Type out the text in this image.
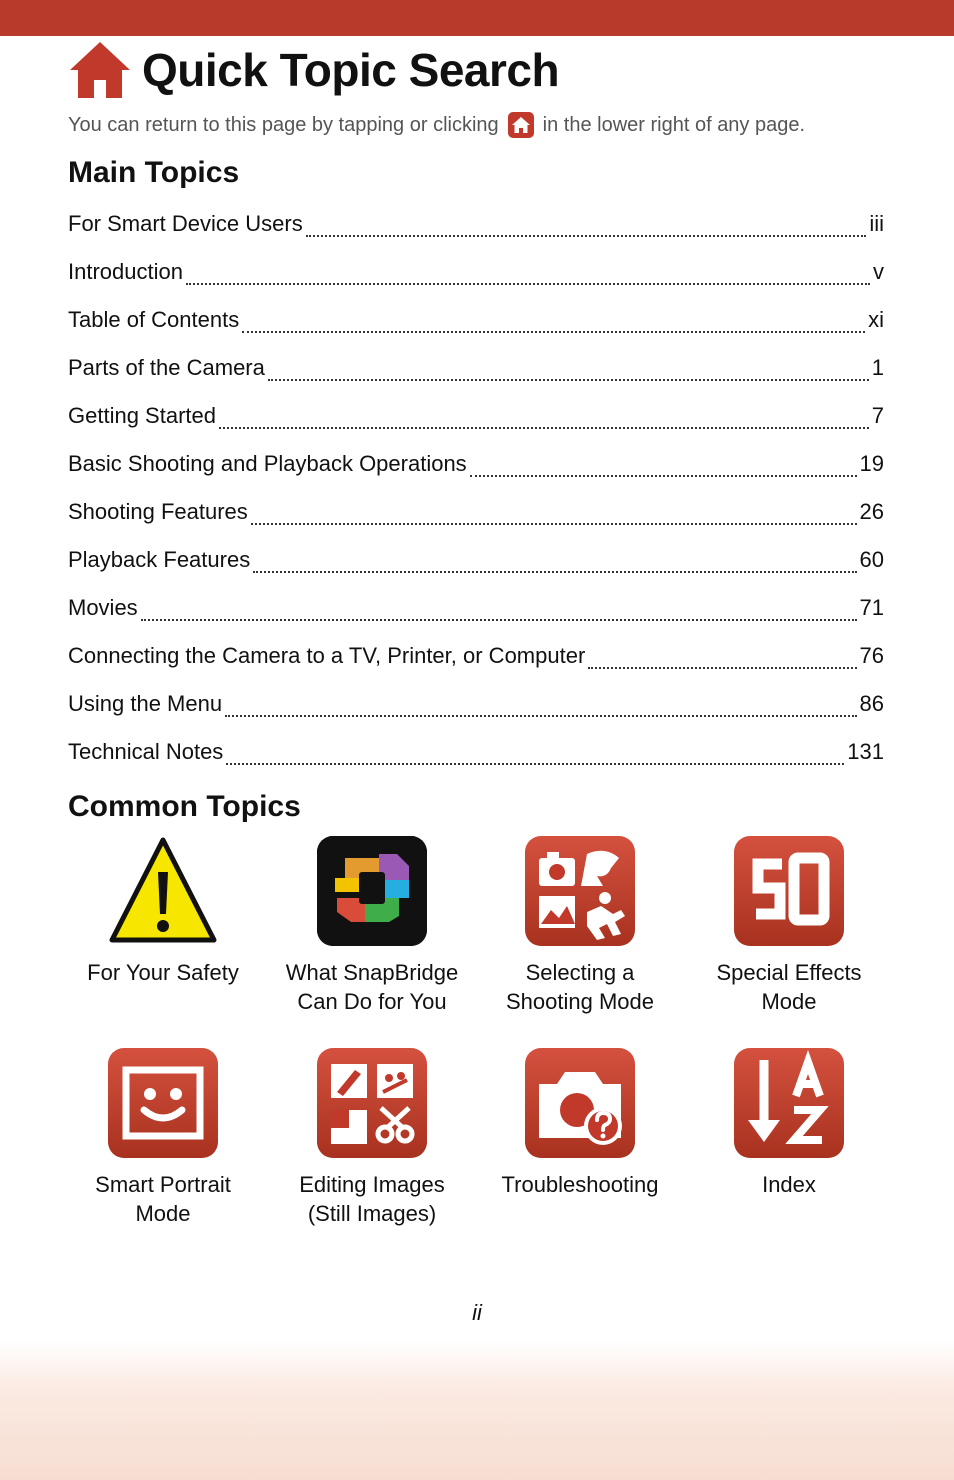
Quick Topic Search
You can return to this page by tapping or clicking in the lower right of any page.
Main Topics
For Smart Device Users	iii
Introduction	v
Table of Contents	xi
Parts of the Camera	1
Getting Started	7
Basic Shooting and Playback Operations	19
Shooting Features	26
Playback Features	60
Movies	71
Connecting the Camera to a TV, Printer, or Computer	76
Using the Menu	86
Technical Notes	131
Common Topics
For Your Safety	What SnapBridge
Can Do for You
Selecting a
Shooting Mode
Special Effects
Mode
Smart Portrait
Mode
Editing Images
(Still Images)
Troubleshooting	Index
ii
